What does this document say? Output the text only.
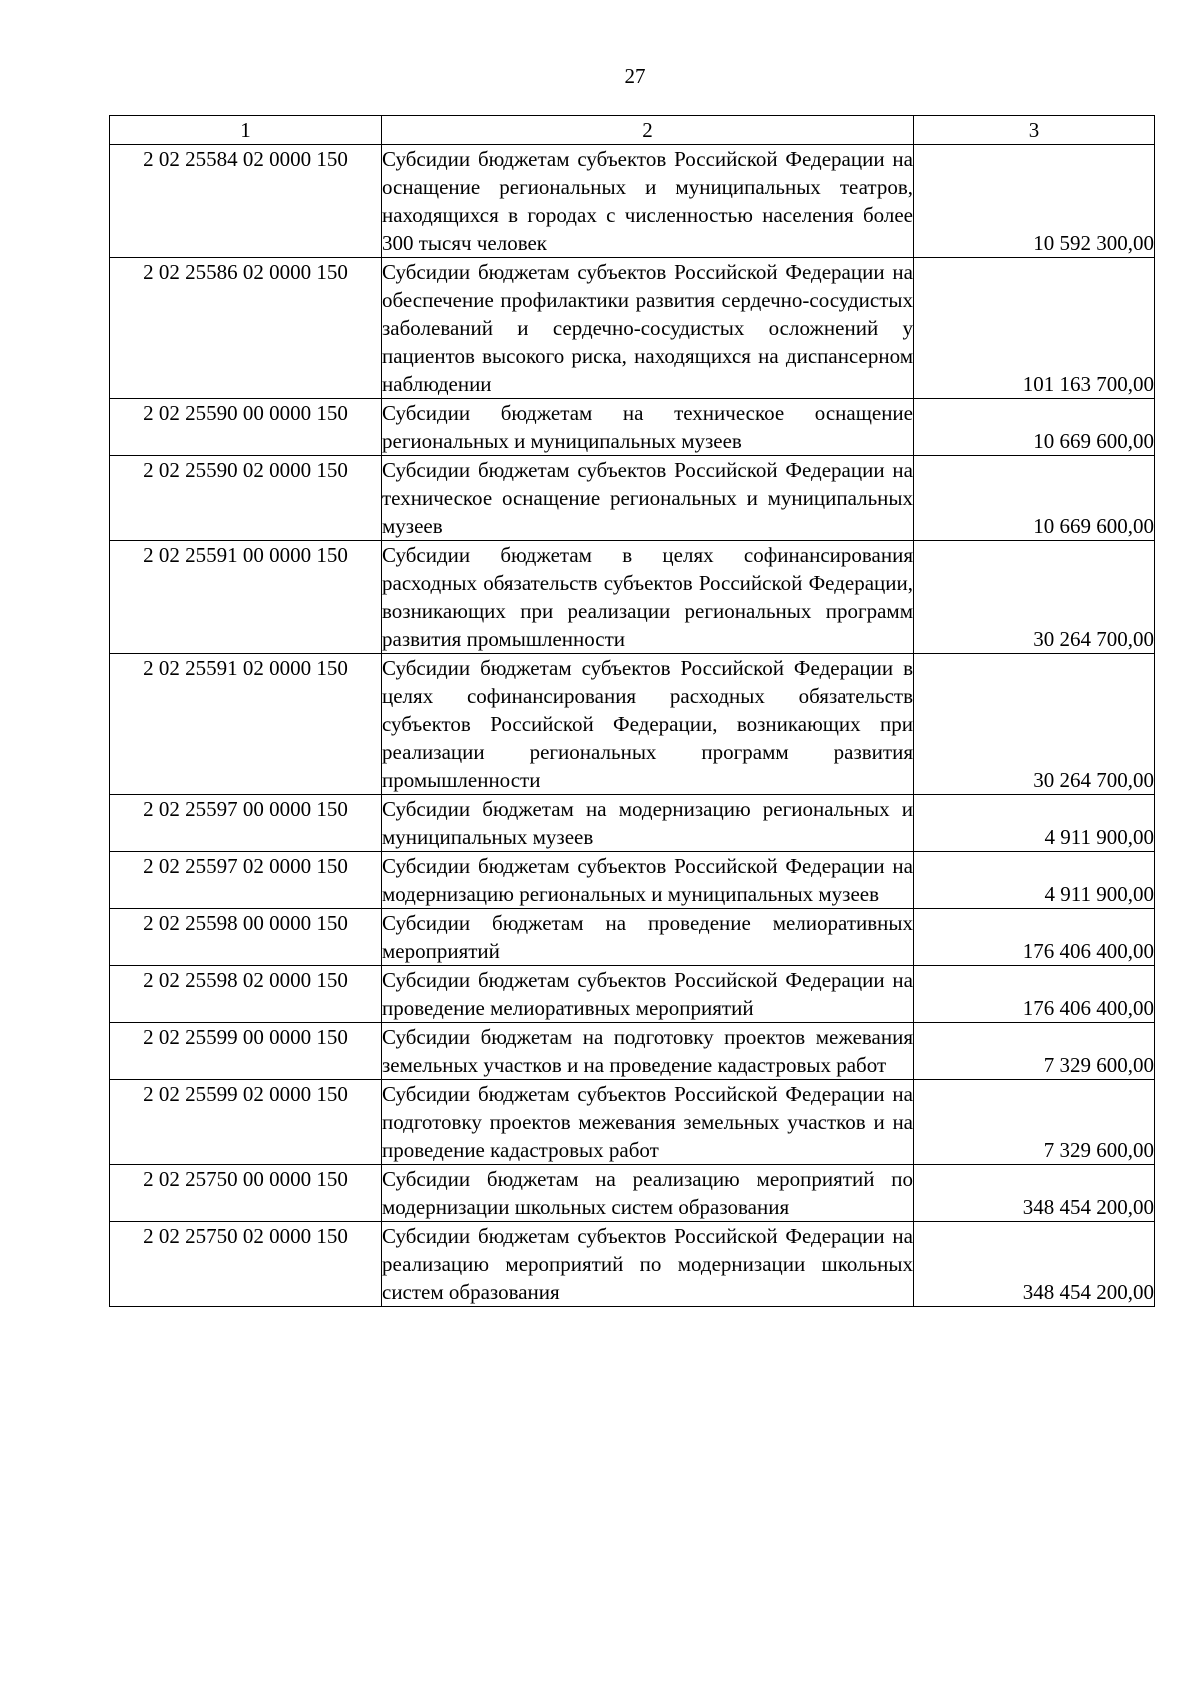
27
1	2	3
2 02 25584 02 0000 150	Субсидии бюджетам субъектов Российской Федерации на оснащение региональных и муниципальных театров, находящихся в городах с численностью населения более 300 тысяч человек	10 592 300,00
2 02 25586 02 0000 150	Субсидии бюджетам субъектов Российской Федерации на обеспечение профилактики развития сердечно-сосудистых заболеваний и сердечно-сосудистых осложнений у пациентов высокого риска, находящихся на диспансерном наблюдении	101 163 700,00
2 02 25590 00 0000 150	Субсидии бюджетам на техническое оснащение региональных и муниципальных музеев	10 669 600,00
2 02 25590 02 0000 150	Субсидии бюджетам субъектов Российской Федерации на техническое оснащение региональных и муниципальных музеев	10 669 600,00
2 02 25591 00 0000 150	Субсидии бюджетам в целях софинансирования расходных обязательств субъектов Российской Федерации, возникающих при реализации региональных программ развития промышленности	30 264 700,00
2 02 25591 02 0000 150	Субсидии бюджетам субъектов Российской Федерации в целях софинансирования расходных обязательств субъектов Российской Федерации, возникающих при реализации региональных программ развития промышленности	30 264 700,00
2 02 25597 00 0000 150	Субсидии бюджетам на модернизацию региональных и муниципальных музеев	4 911 900,00
2 02 25597 02 0000 150	Субсидии бюджетам субъектов Российской Федерации на модернизацию региональных и муниципальных музеев	4 911 900,00
2 02 25598 00 0000 150	Субсидии бюджетам на проведение мелиоративных мероприятий	176 406 400,00
2 02 25598 02 0000 150	Субсидии бюджетам субъектов Российской Федерации на проведение мелиоративных мероприятий	176 406 400,00
2 02 25599 00 0000 150	Субсидии бюджетам на подготовку проектов межевания земельных участков и на проведение кадастровых работ	7 329 600,00
2 02 25599 02 0000 150	Субсидии бюджетам субъектов Российской Федерации на подготовку проектов межевания земельных участков и на проведение кадастровых работ	7 329 600,00
2 02 25750 00 0000 150	Субсидии бюджетам на реализацию мероприятий по модернизации школьных систем образования	348 454 200,00
2 02 25750 02 0000 150	Субсидии бюджетам субъектов Российской Федерации на реализацию мероприятий по модернизации школьных систем образования	348 454 200,00
